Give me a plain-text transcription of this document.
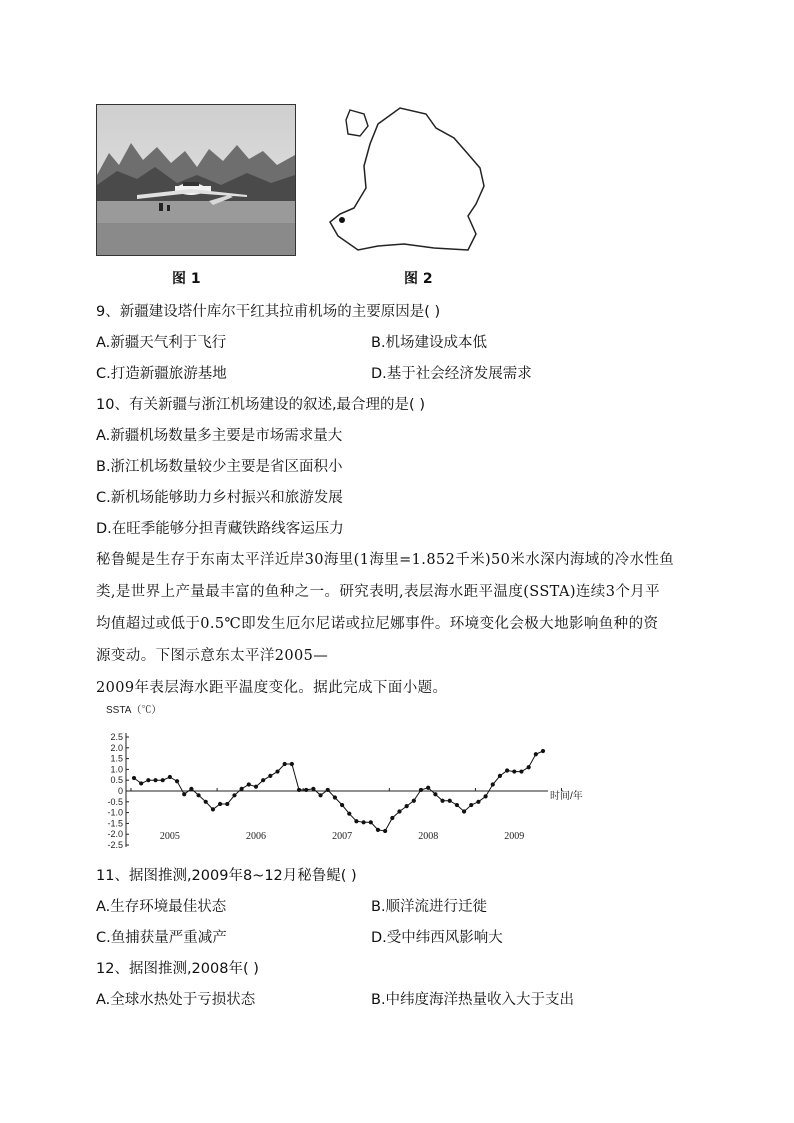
图 1	图 2
9、新疆建设塔什库尔干红其拉甫机场的主要原因是( )
A.新疆天气利于飞行	B.机场建设成本低
C.打造新疆旅游基地	D.基于社会经济发展需求
10、有关新疆与浙江机场建设的叙述,最合理的是( )
A.新疆机场数量多主要是市场需求量大
B.浙江机场数量较少主要是省区面积小
C.新机场能够助力乡村振兴和旅游发展
D.在旺季能够分担青藏铁路线客运压力
秘鲁鳀是生存于东南太平洋近岸30海里(1海里=1.852千米)50米水深内海域的冷水性鱼
类,是世界上产量最丰富的鱼种之一。研究表明,表层海水距平温度(SSTA)连续3个月平
均值超过或低于0.5℃即发生厄尔尼诺或拉尼娜事件。环境变化会极大地影响鱼种的资
源变动。下图示意东太平洋2005—
2009年表层海水距平温度变化。据此完成下面小题。
SSTA（℃）
2.5
2.0
1.5
1.0
0.5
0
-0.5
-1.0
-1.5
-2.0
-2.5
时间/年
2005	2006	2007	2008	2009
11、据图推测,2009年8~12月秘鲁鳀( )
A.生存环境最佳状态	B.顺洋流进行迁徙
C.鱼捕获量严重减产	D.受中纬西风影响大
12、据图推测,2008年( )
A.全球水热处于亏损状态	B.中纬度海洋热量收入大于支出
